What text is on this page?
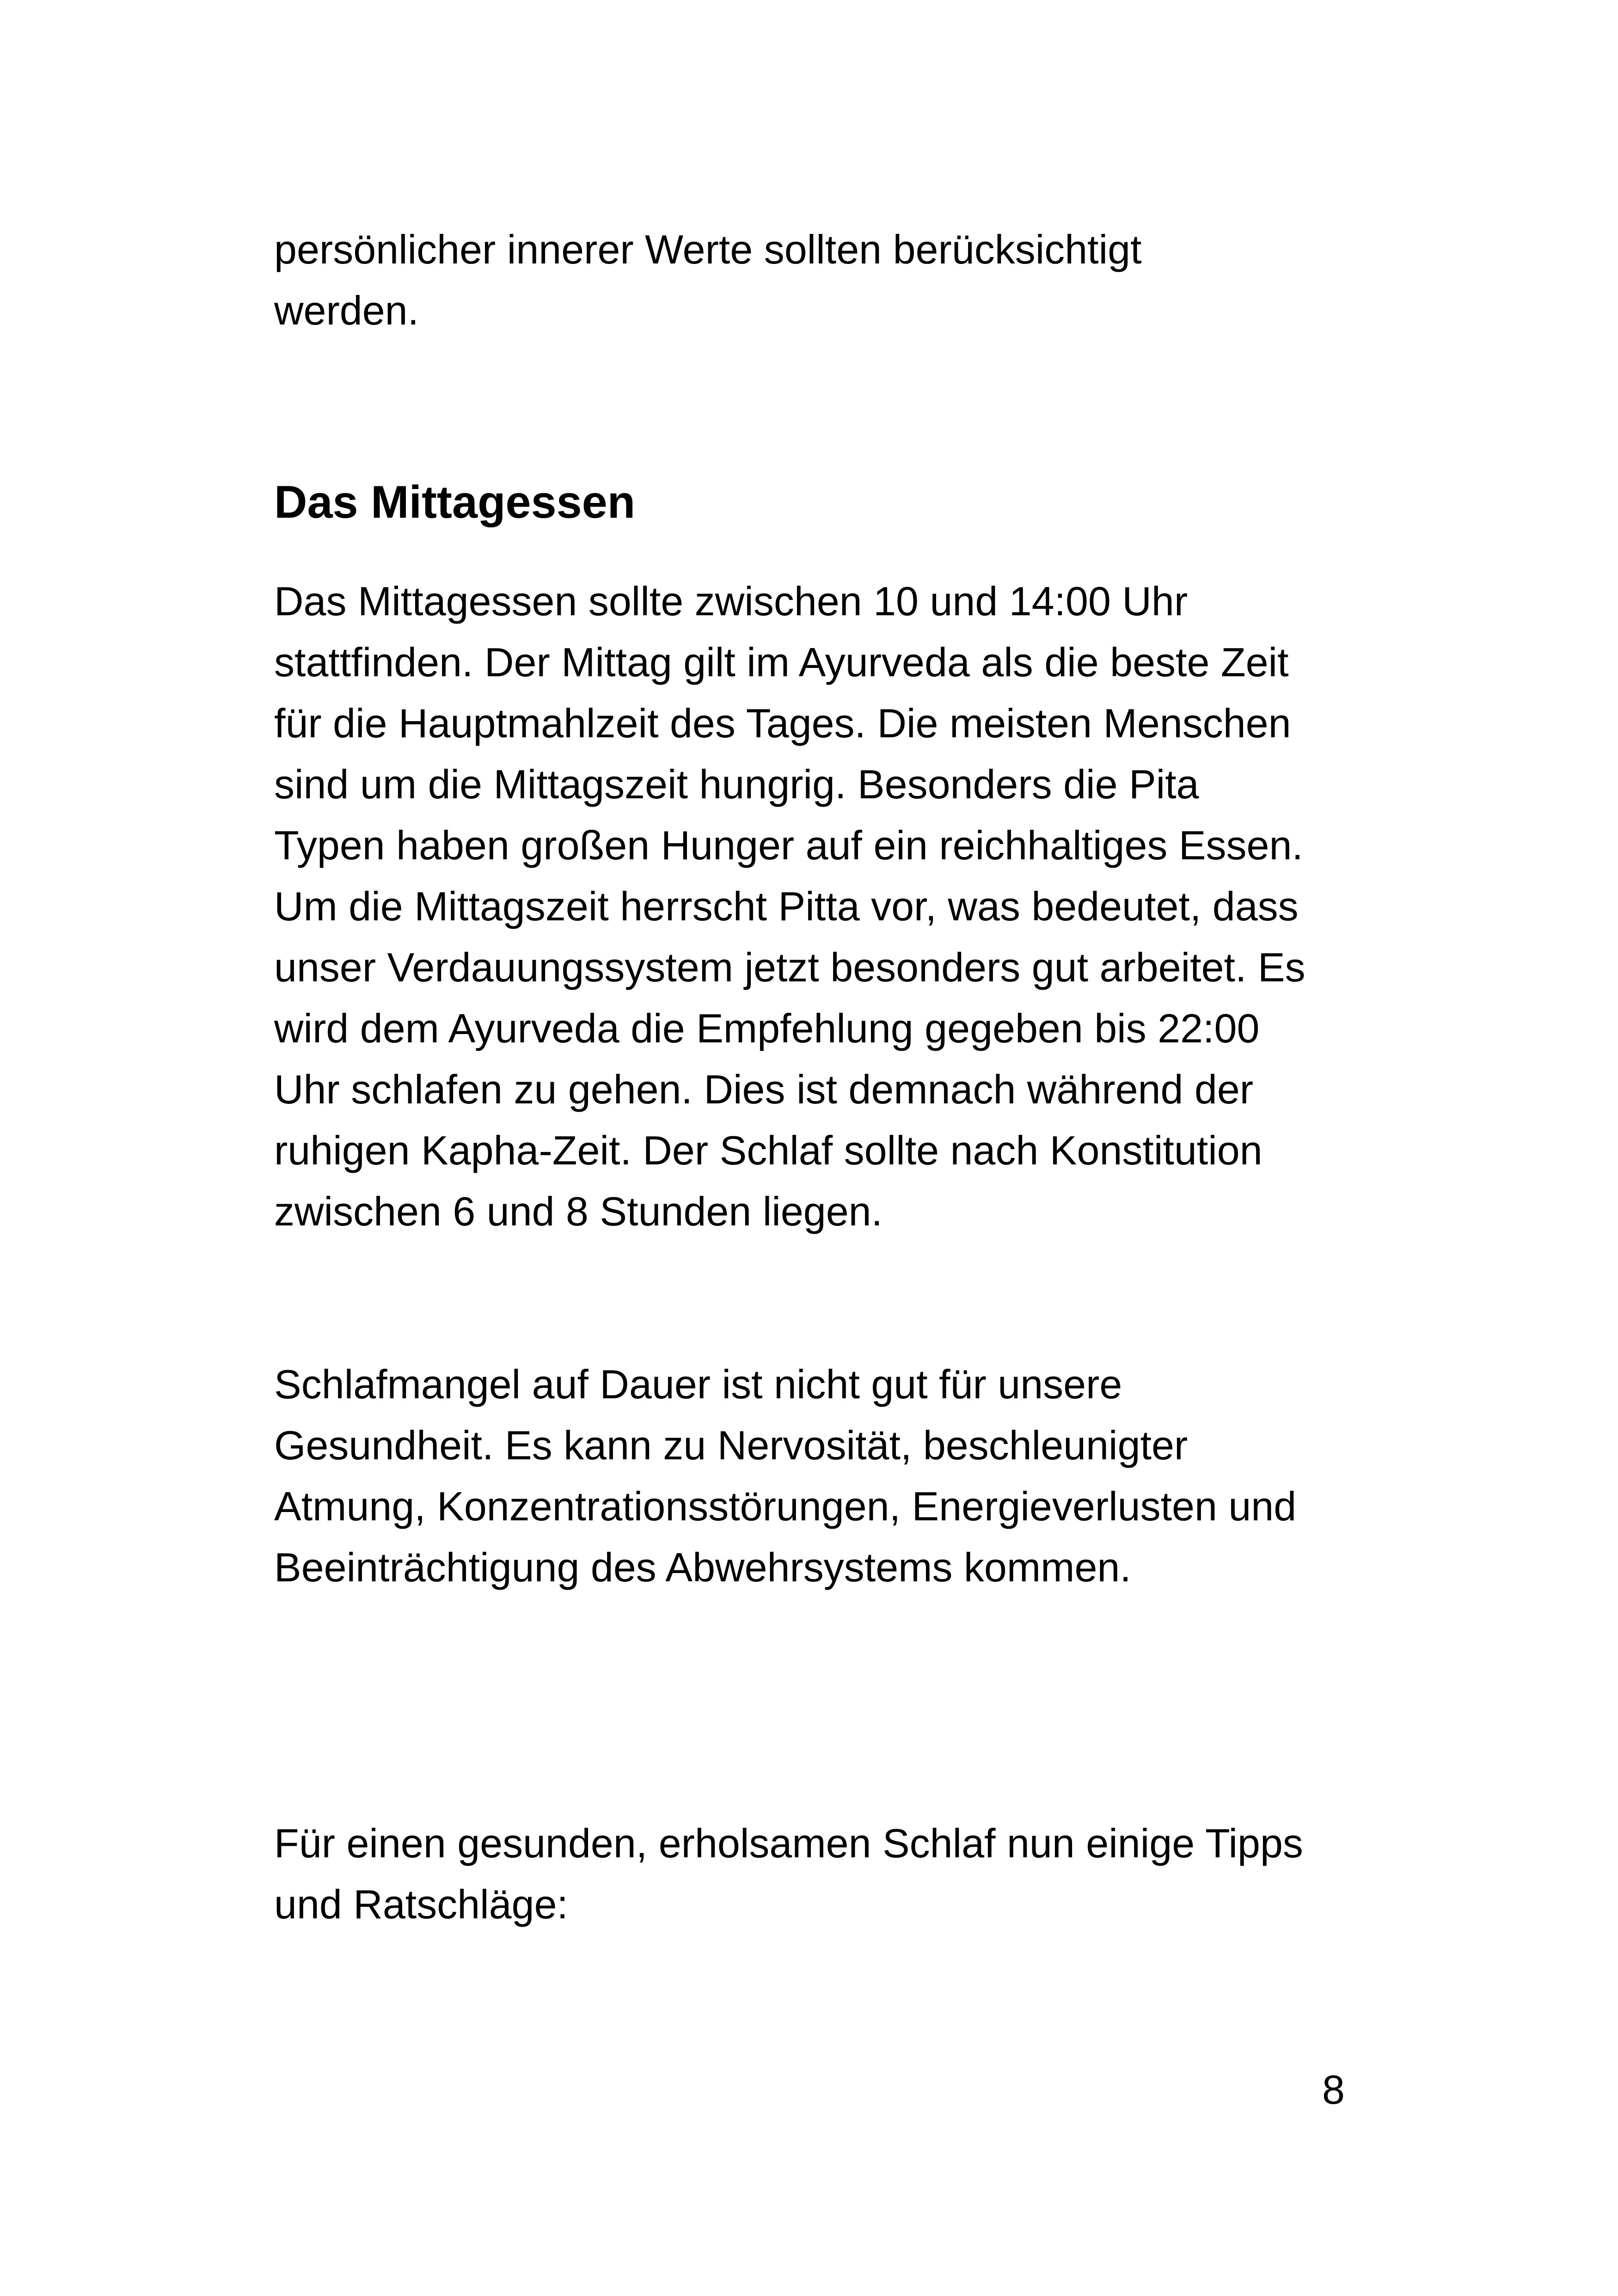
persönlicher innerer Werte sollten berücksichtigt
werden.

Das Mittagessen

Das Mittagessen sollte zwischen 10 und 14:00 Uhr
stattfinden. Der Mittag gilt im Ayurveda als die beste Zeit
für die Hauptmahlzeit des Tages. Die meisten Menschen
sind um die Mittagszeit hungrig. Besonders die Pita
Typen haben großen Hunger auf ein reichhaltiges Essen.
Um die Mittagszeit herrscht Pitta vor, was bedeutet, dass
unser Verdauungssystem jetzt besonders gut arbeitet. Es
wird dem Ayurveda die Empfehlung gegeben bis 22:00
Uhr schlafen zu gehen. Dies ist demnach während der
ruhigen Kapha-Zeit. Der Schlaf sollte nach Konstitution
zwischen 6 und 8 Stunden liegen.

Schlafmangel auf Dauer ist nicht gut für unsere
Gesundheit. Es kann zu Nervosität, beschleunigter
Atmung, Konzentrationsstörungen, Energieverlusten und
Beeinträchtigung des Abwehrsystems kommen.

Für einen gesunden, erholsamen Schlaf nun einige Tipps
und Ratschläge:

8
